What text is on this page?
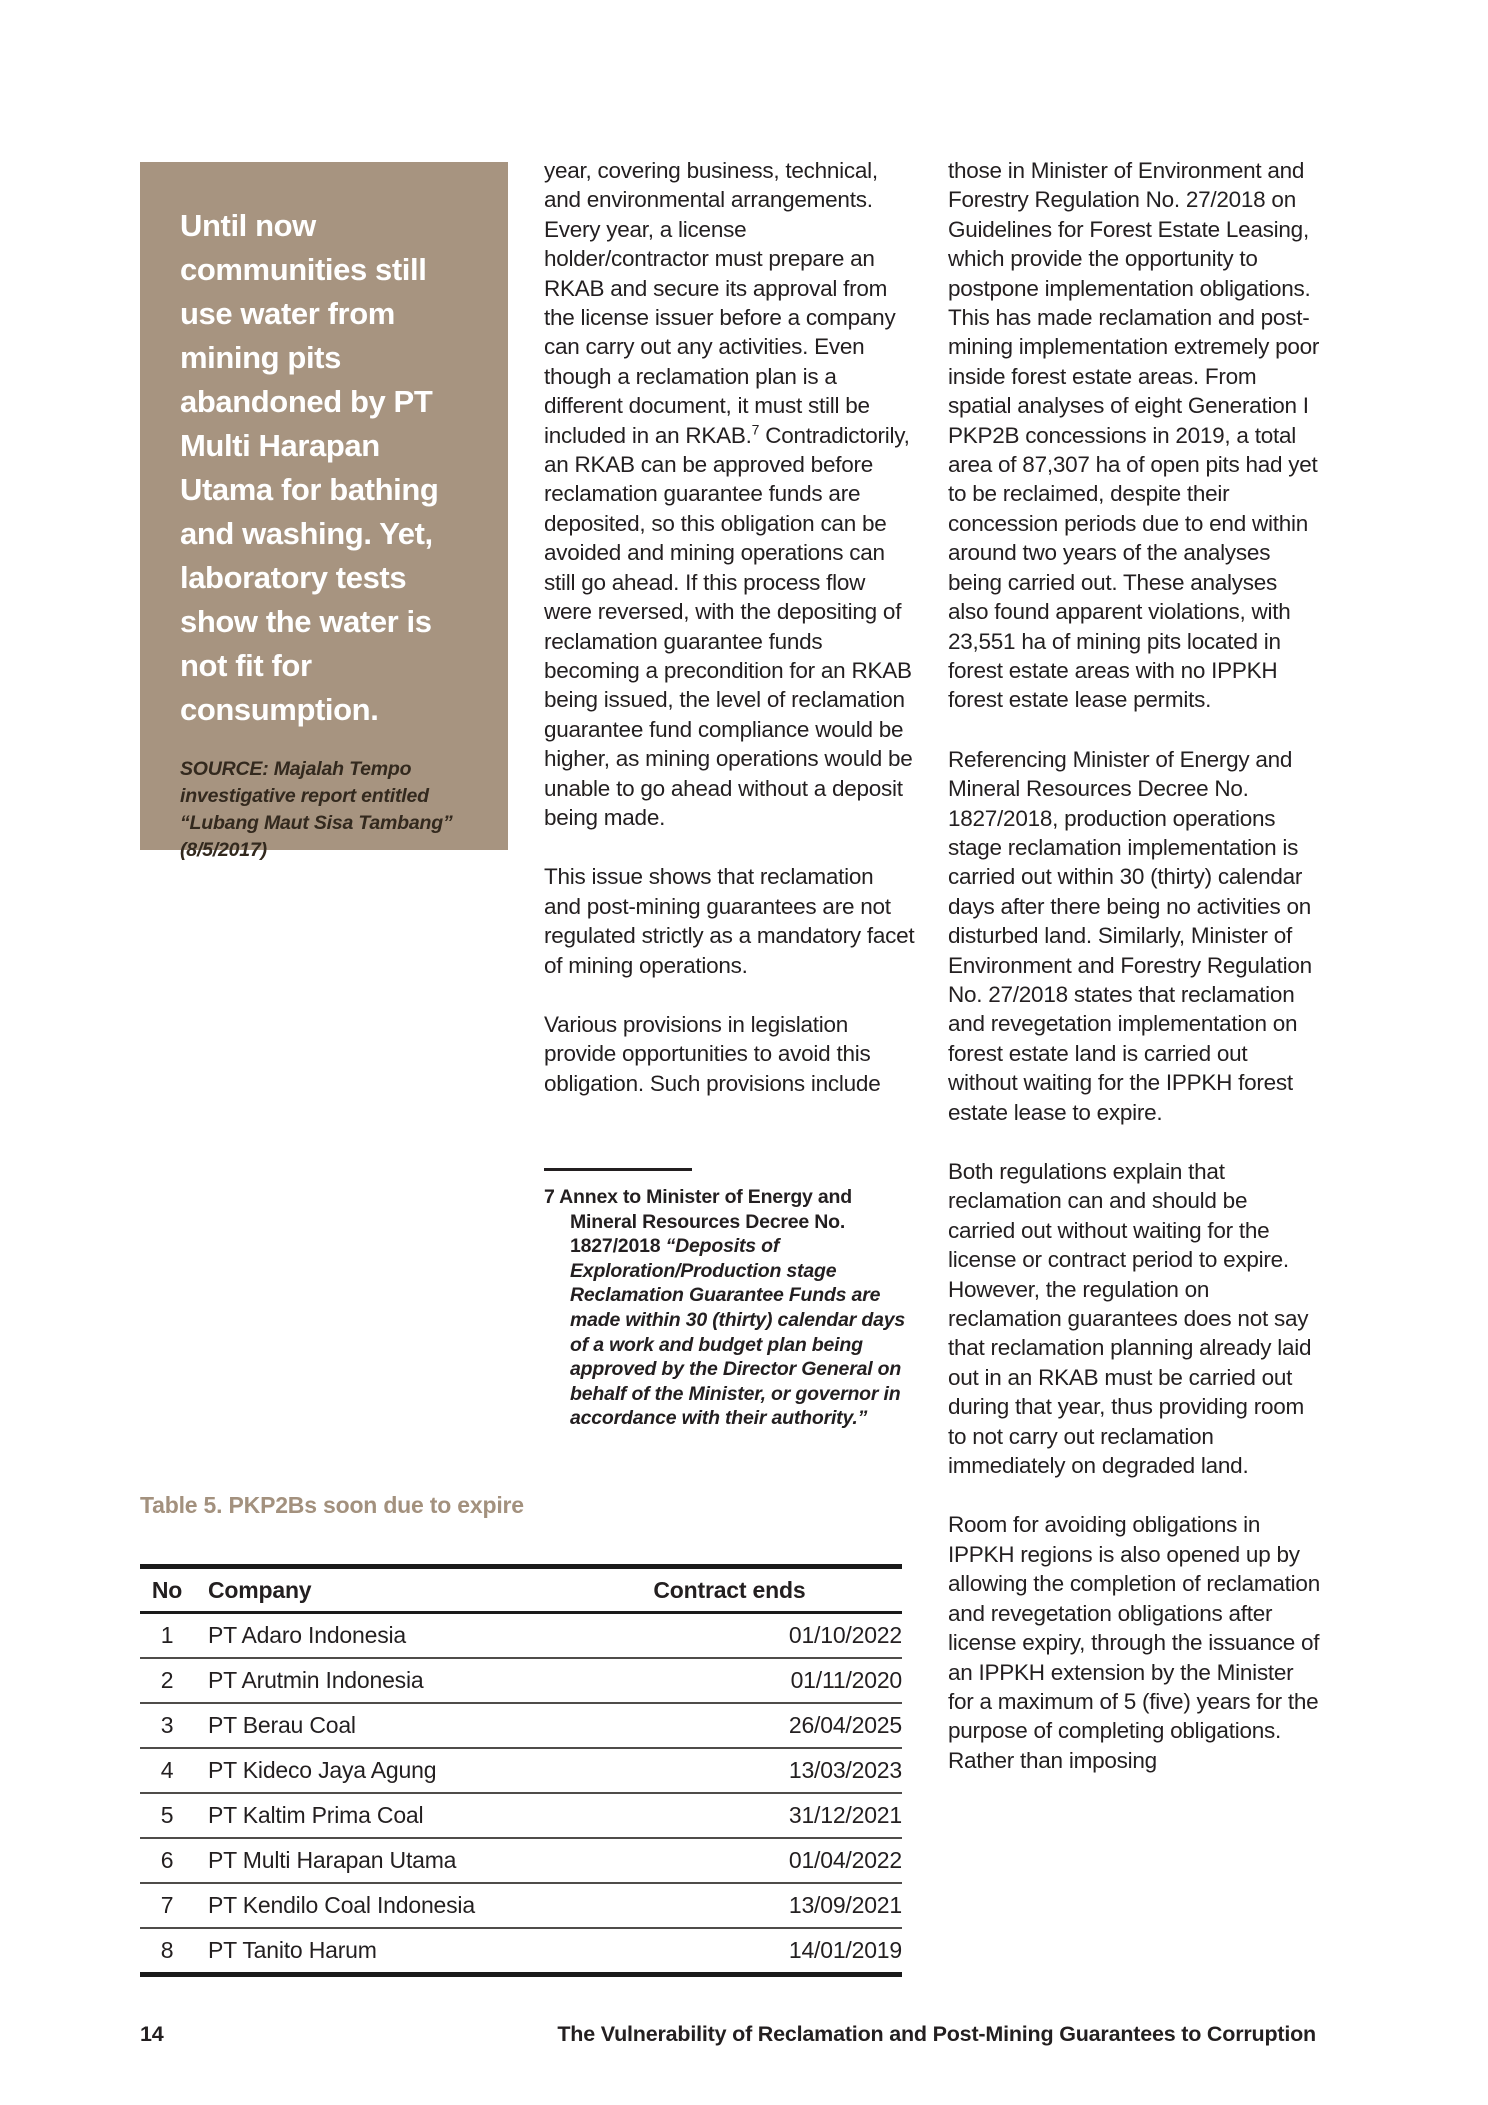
Until now communities still use water from mining pits abandoned by PT Multi Harapan Utama for bathing and washing. Yet, laboratory tests show the water is not fit for consumption.
SOURCE: Majalah Tempo investigative report entitled “Lubang Maut Sisa Tambang” (8/5/2017)

year, covering business, technical, and environmental arrangements. Every year, a license holder/contractor must prepare an RKAB and secure its approval from the license issuer before a company can carry out any activities. Even though a reclamation plan is a different document, it must still be included in an RKAB.$^7$ Contradictorily, an RKAB can be approved before reclamation guarantee funds are deposited, so this obligation can be avoided and mining operations can still go ahead. If this process flow were reversed, with the depositing of reclamation guarantee funds becoming a precondition for an RKAB being issued, the level of reclamation guarantee fund compliance would be higher, as mining operations would be unable to go ahead without a deposit being made.

This issue shows that reclamation and post-mining guarantees are not regulated strictly as a mandatory facet of mining operations.

Various provisions in legislation provide opportunities to avoid this obligation. Such provisions include

7 Annex to Minister of Energy and Mineral Resources Decree No. 1827/2018 “Deposits of Exploration/Production stage Reclamation Guarantee Funds are made within 30 (thirty) calendar days of a work and budget plan being approved by the Director General on behalf of the Minister, or governor in accordance with their authority.”

those in Minister of Environment and Forestry Regulation No. 27/2018 on Guidelines for Forest Estate Leasing, which provide the opportunity to postpone implementation obligations. This has made reclamation and post-mining implementation extremely poor inside forest estate areas. From spatial analyses of eight Generation I PKP2B concessions in 2019, a total area of 87,307 ha of open pits had yet to be reclaimed, despite their concession periods due to end within around two years of the analyses being carried out. These analyses also found apparent violations, with 23,551 ha of mining pits located in forest estate areas with no IPPKH forest estate lease permits.

Referencing Minister of Energy and Mineral Resources Decree No. 1827/2018, production operations stage reclamation implementation is carried out within 30 (thirty) calendar days after there being no activities on disturbed land. Similarly, Minister of Environment and Forestry Regulation No. 27/2018 states that reclamation and revegetation implementation on forest estate land is carried out without waiting for the IPPKH forest estate lease to expire.

Both regulations explain that reclamation can and should be carried out without waiting for the license or contract period to expire. However, the regulation on reclamation guarantees does not say that reclamation planning already laid out in an RKAB must be carried out during that year, thus providing room to not carry out reclamation immediately on degraded land.

Room for avoiding obligations in IPPKH regions is also opened up by allowing the completion of reclamation and revegetation obligations after license expiry, through the issuance of an IPPKH extension by the Minister for a maximum of 5 (five) years for the purpose of completing obligations. Rather than imposing

Table 5. PKP2Bs soon due to expire
No	Company	Contract ends
1	PT Adaro Indonesia	01/10/2022
2	PT Arutmin Indonesia	01/11/2020
3	PT Berau Coal	26/04/2025
4	PT Kideco Jaya Agung	13/03/2023
5	PT Kaltim Prima Coal	31/12/2021
6	PT Multi Harapan Utama	01/04/2022
7	PT Kendilo Coal Indonesia	13/09/2021
8	PT Tanito Harum	14/01/2019
14	The Vulnerability of Reclamation and Post-Mining Guarantees to Corruption
